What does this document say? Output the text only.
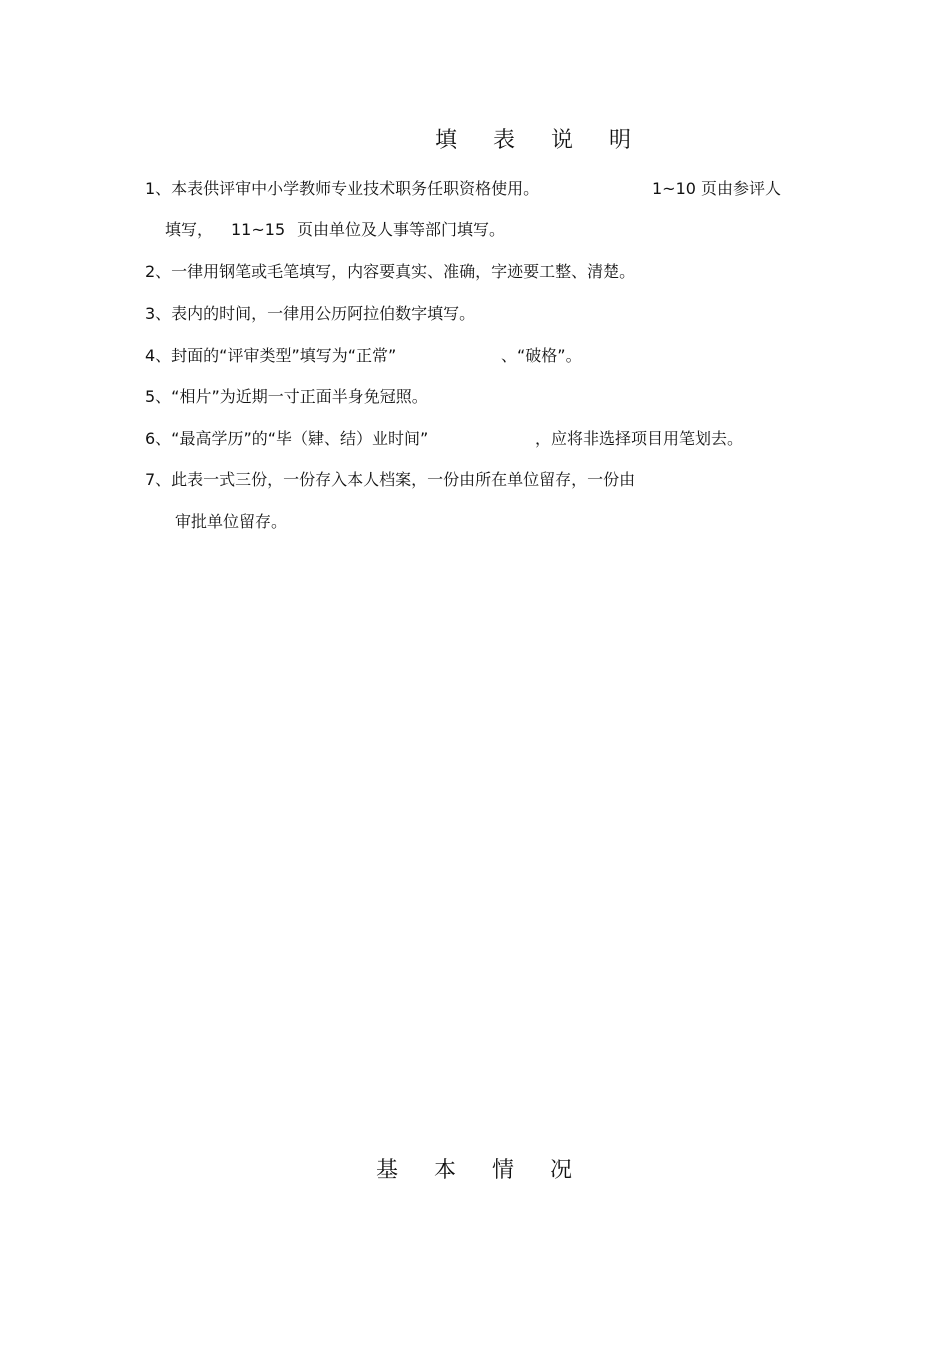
填表说明
1、本表供评审中小学教师专业技术职务任职资格使用。	1~10 页由参评人
填写， 11~15 页由单位及人事等部门填写。
2、一律用钢笔或毛笔填写，内容要真实、准确，字迹要工整、清楚。
3、表内的时间，一律用公历阿拉伯数字填写。
4、封面的“评审类型”填写为“正常”	、“破格”。
5、“相片”为近期一寸正面半身免冠照。
6、“最高学历”的“毕（肄、结）业时间”	，应将非选择项目用笔划去。
7、此表一式三份，一份存入本人档案，一份由所在单位留存，一份由
审批单位留存。
基本情况
